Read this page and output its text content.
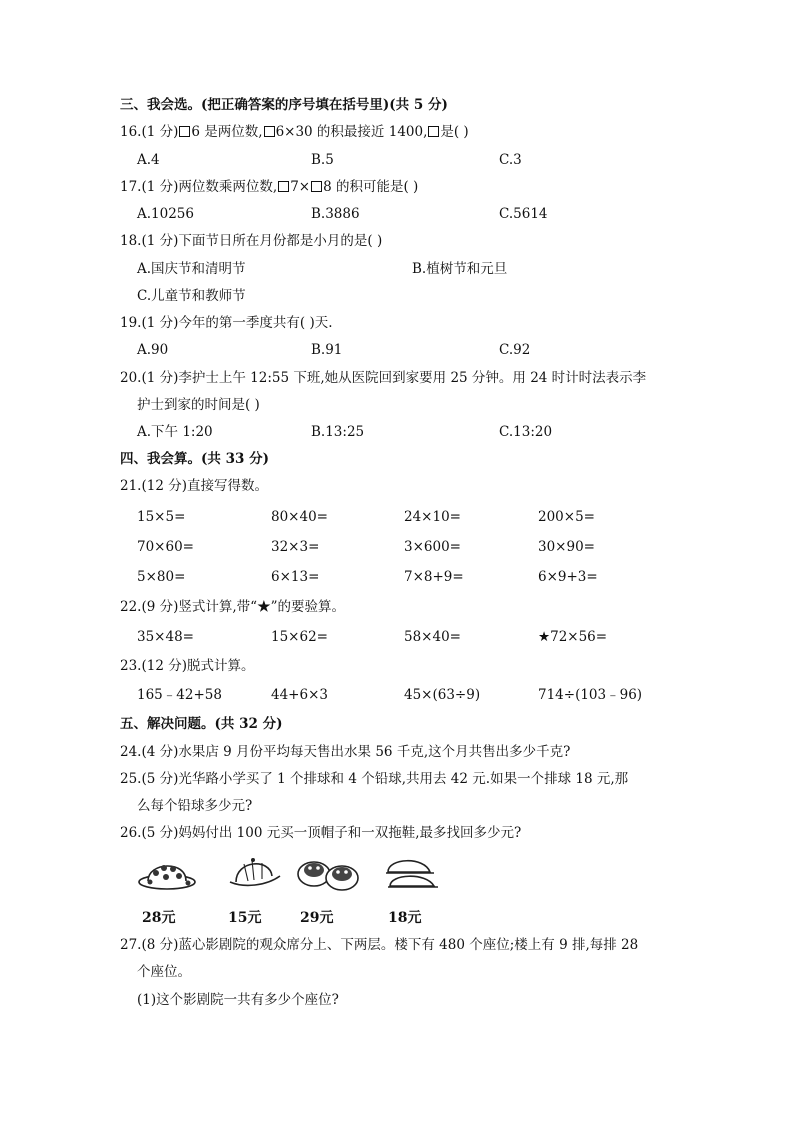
三、我会选。(把正确答案的序号填在括号里)(共 5 分)
16.(1 分) 6 是两位数, 6×30 的积最接近 1400, 是( )
A.4	B.5	C.3
17.(1 分)两位数乘两位数, 7× 8 的积可能是( )
A.10256	B.3886	C.5614
18.(1 分)下面节日所在月份都是小月的是( )
A.国庆节和清明节	B.植树节和元旦
C.儿童节和教师节
19.(1 分)今年的第一季度共有( )天.
A.90	B.91	C.92
20.(1 分)李护士上午 12:55 下班,她从医院回到家要用 25 分钟。用 24 时计时法表示李
护士到家的时间是( )
A.下午 1:20	B.13:25	C.13:20
四、我会算。(共 33 分)
21.(12 分)直接写得数。
15×5=	80×40=	24×10=	200×5=
70×60=	32×3=	3×600=	30×90=
5×80=	6×13=	7×8+9=	6×9+3=
22.(9 分)竖式计算,带“★”的要验算。
35×48=	15×62=	58×40=	★72×56=
23.(12 分)脱式计算。
165﹣42+58	44+6×3	45×(63÷9)	714÷(103﹣96)
五、解决问题。(共 32 分)
24.(4 分)水果店 9 月份平均每天售出水果 56 千克,这个月共售出多少千克?
25.(5 分)光华路小学买了 1 个排球和 4 个铅球,共用去 42 元.如果一个排球 18 元,那
么每个铅球多少元?
26.(5 分)妈妈付出 100 元买一顶帽子和一双拖鞋,最多找回多少元?
28元	15元	29元	18元
27.(8 分)蓝心影剧院的观众席分上、下两层。楼下有 480 个座位;楼上有 9 排,每排 28
个座位。
(1)这个影剧院一共有多少个座位?
